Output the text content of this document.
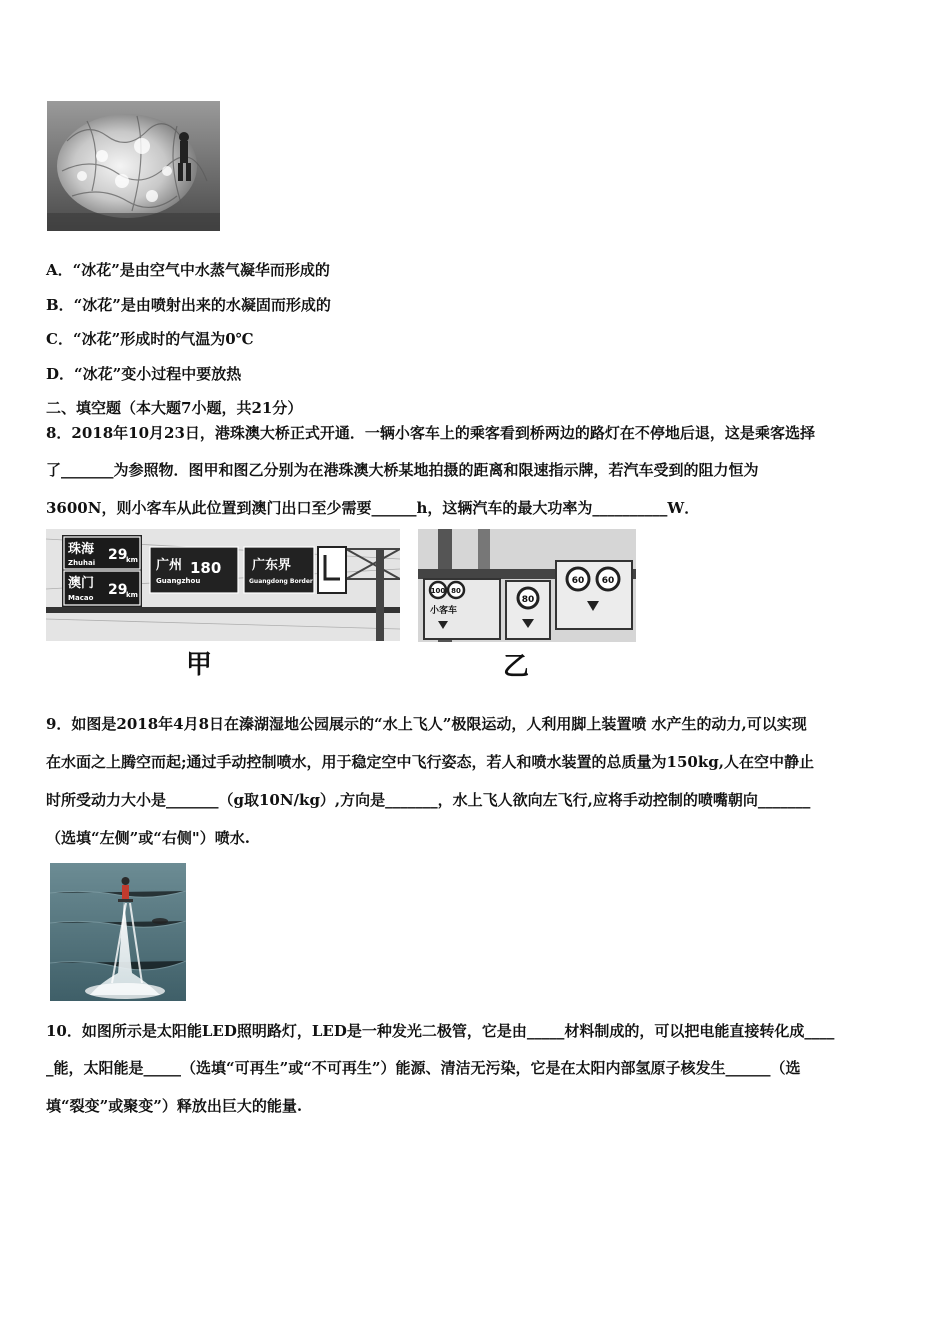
A．“冰花”是由空气中水蒸气凝华而形成的
B．“冰花”是由喷射出来的水凝固而形成的
C．“冰花”形成时的气温为0℃
D．“冰花”变小过程中要放热
二、填空题（本大题7小题，共21分）
8．2018年10月23日，港珠澳大桥正式开通．一辆小客车上的乘客看到桥两边的路灯在不停地后退，这是乘客选择
了_______为参照物．图甲和图乙分别为在港珠澳大桥某地拍摄的距离和限速指示牌，若汽车受到的阻力恒为
3600N，则小客车从此位置到澳门出口至少需要______h，这辆汽车的最大功率为__________W．
珠海
Zhuhai 29
km
澳门
Macao 29
km
广州
Guangzhou
180 广东界
Guangdong Border
甲
100 80
小客车
80
60 60
乙
9．如图是2018年4月8日在溱湖湿地公园展示的“水上飞人”极限运动，人利用脚上装置喷 水产生的动力,可以实现
在水面之上腾空而起;通过手动控制喷水，用于稳定空中飞行姿态，若人和喷水装置的总质量为150kg,人在空中静止
时所受动力大小是_______（g取10N/kg）,方向是_______，水上飞人欲向左飞行,应将手动控制的喷嘴朝向_______
（选填“左侧”或“右侧"）喷水.
10．如图所示是太阳能LED照明路灯，LED是一种发光二极管，它是由_____材料制成的，可以把电能直接转化成____
_能，太阳能是_____（选填“可再生”或“不可再生”）能源、清洁无污染，它是在太阳内部氢原子核发生______（选
填“裂变”或聚变”）释放出巨大的能量.
